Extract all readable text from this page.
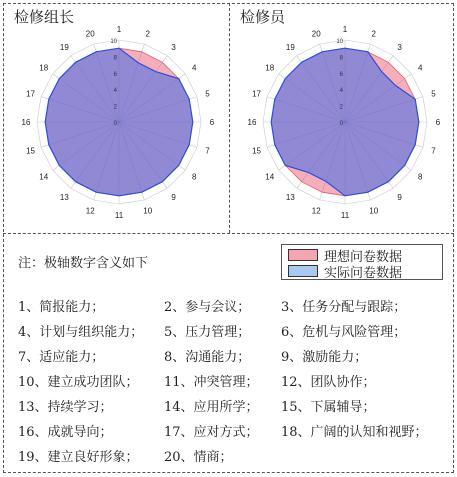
检修组长	检修员
0
2
4
6
8
10
1
2
3
4
5
6
7
8
9
10
11
12
13
14
15
16
17
18
19
20
0
2
4
6
8
10
1
2
3
4
5
6
7
8
9
10
11
12
13
14
15
16
17
18
19
20
注：极轴数字含义如下	理想问卷数据
实际问卷数据
1、简报能力；	2、参与会议； 3、任务分配与跟踪；
4、计划与组织能力； 5、压力管理； 6、危机与风险管理；
7、适应能力；	8、沟通能力； 9、激励能力；
10、建立成功团队； 11、冲突管理； 12、团队协作；
13、持续学习；	14、应用所学； 15、下属辅导；
16、成就导向；	17、应对方式； 18、广阔的认知和视野；
19、建立良好形象； 20、情商；
